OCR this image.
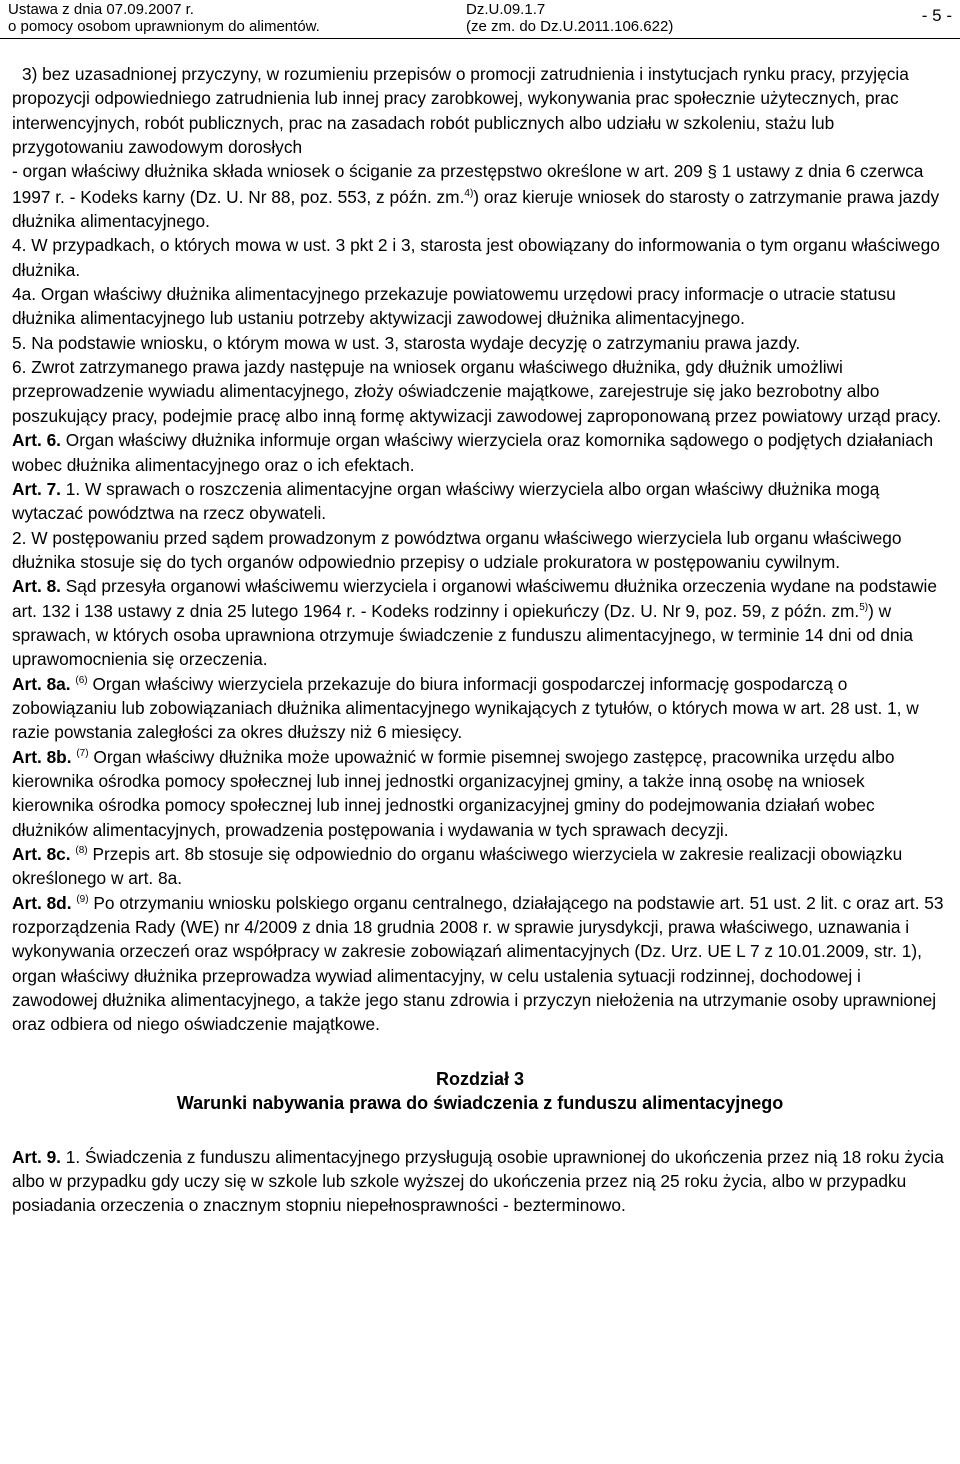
Ustawa z dnia 07.09.2007 r.
o pomocy osobom uprawnionym do alimentów.
Dz.U.09.1.7
(ze zm. do Dz.U.2011.106.622)
- 5 -

3) bez uzasadnionej przyczyny, w rozumieniu przepisów o promocji zatrudnienia i instytucjach rynku pracy, przyjęcia propozycji odpowiedniego zatrudnienia lub innej pracy zarobkowej, wykonywania prac społecznie użytecznych, prac interwencyjnych, robót publicznych, prac na zasadach robót publicznych albo udziału w szkoleniu, stażu lub przygotowaniu zawodowym dorosłych

- organ właściwy dłużnika składa wniosek o ściganie za przestępstwo określone w art. 209 § 1 ustawy z dnia 6 czerwca 1997 r. - Kodeks karny (Dz. U. Nr 88, poz. 553, z późn. zm.$^{4)}$) oraz kieruje wniosek do starosty o zatrzymanie prawa jazdy dłużnika alimentacyjnego.

4. W przypadkach, o których mowa w ust. 3 pkt 2 i 3, starosta jest obowiązany do informowania o tym organu właściwego dłużnika.

4a. Organ właściwy dłużnika alimentacyjnego przekazuje powiatowemu urzędowi pracy informacje o utracie statusu dłużnika alimentacyjnego lub ustaniu potrzeby aktywizacji zawodowej dłużnika alimentacyjnego.

5. Na podstawie wniosku, o którym mowa w ust. 3, starosta wydaje decyzję o zatrzymaniu prawa jazdy.

6. Zwrot zatrzymanego prawa jazdy następuje na wniosek organu właściwego dłużnika, gdy dłużnik umożliwi przeprowadzenie wywiadu alimentacyjnego, złoży oświadczenie majątkowe, zarejestruje się jako bezrobotny albo poszukujący pracy, podejmie pracę albo inną formę aktywizacji zawodowej zaproponowaną przez powiatowy urząd pracy.

Art. 6. Organ właściwy dłużnika informuje organ właściwy wierzyciela oraz komornika sądowego o podjętych działaniach wobec dłużnika alimentacyjnego oraz o ich efektach.

Art. 7. 1. W sprawach o roszczenia alimentacyjne organ właściwy wierzyciela albo organ właściwy dłużnika mogą wytaczać powództwa na rzecz obywateli.

2. W postępowaniu przed sądem prowadzonym z powództwa organu właściwego wierzyciela lub organu właściwego dłużnika stosuje się do tych organów odpowiednio przepisy o udziale prokuratora w postępowaniu cywilnym.

Art. 8. Sąd przesyła organowi właściwemu wierzyciela i organowi właściwemu dłużnika orzeczenia wydane na podstawie art. 132 i 138 ustawy z dnia 25 lutego 1964 r. - Kodeks rodzinny i opiekuńczy (Dz. U. Nr 9, poz. 59, z późn. zm.$^{5)}$) w sprawach, w których osoba uprawniona otrzymuje świadczenie z funduszu alimentacyjnego, w terminie 14 dni od dnia uprawomocnienia się orzeczenia.

Art. 8a. $^{(6)}$ Organ właściwy wierzyciela przekazuje do biura informacji gospodarczej informację gospodarczą o zobowiązaniu lub zobowiązaniach dłużnika alimentacyjnego wynikających z tytułów, o których mowa w art. 28 ust. 1, w razie powstania zaległości za okres dłuższy niż 6 miesięcy.

Art. 8b. $^{(7)}$ Organ właściwy dłużnika może upoważnić w formie pisemnej swojego zastępcę, pracownika urzędu albo kierownika ośrodka pomocy społecznej lub innej jednostki organizacyjnej gminy, a także inną osobę na wniosek kierownika ośrodka pomocy społecznej lub innej jednostki organizacyjnej gminy do podejmowania działań wobec dłużników alimentacyjnych, prowadzenia postępowania i wydawania w tych sprawach decyzji.

Art. 8c. $^{(8)}$ Przepis art. 8b stosuje się odpowiednio do organu właściwego wierzyciela w zakresie realizacji obowiązku określonego w art. 8a.

Art. 8d. $^{(9)}$ Po otrzymaniu wniosku polskiego organu centralnego, działającego na podstawie art. 51 ust. 2 lit. c oraz art. 53 rozporządzenia Rady (WE) nr 4/2009 z dnia 18 grudnia 2008 r. w sprawie jurysdykcji, prawa właściwego, uznawania i wykonywania orzeczeń oraz współpracy w zakresie zobowiązań alimentacyjnych (Dz. Urz. UE L 7 z 10.01.2009, str. 1), organ właściwy dłużnika przeprowadza wywiad alimentacyjny, w celu ustalenia sytuacji rodzinnej, dochodowej i zawodowej dłużnika alimentacyjnego, a także jego stanu zdrowia i przyczyn niełożenia na utrzymanie osoby uprawnionej oraz odbiera od niego oświadczenie majątkowe.

Rozdział 3
Warunki nabywania prawa do świadczenia z funduszu alimentacyjnego

Art. 9. 1. Świadczenia z funduszu alimentacyjnego przysługują osobie uprawnionej do ukończenia przez nią 18 roku życia albo w przypadku gdy uczy się w szkole lub szkole wyższej do ukończenia przez nią 25 roku życia, albo w przypadku posiadania orzeczenia o znacznym stopniu niepełnosprawności - bezterminowo.
